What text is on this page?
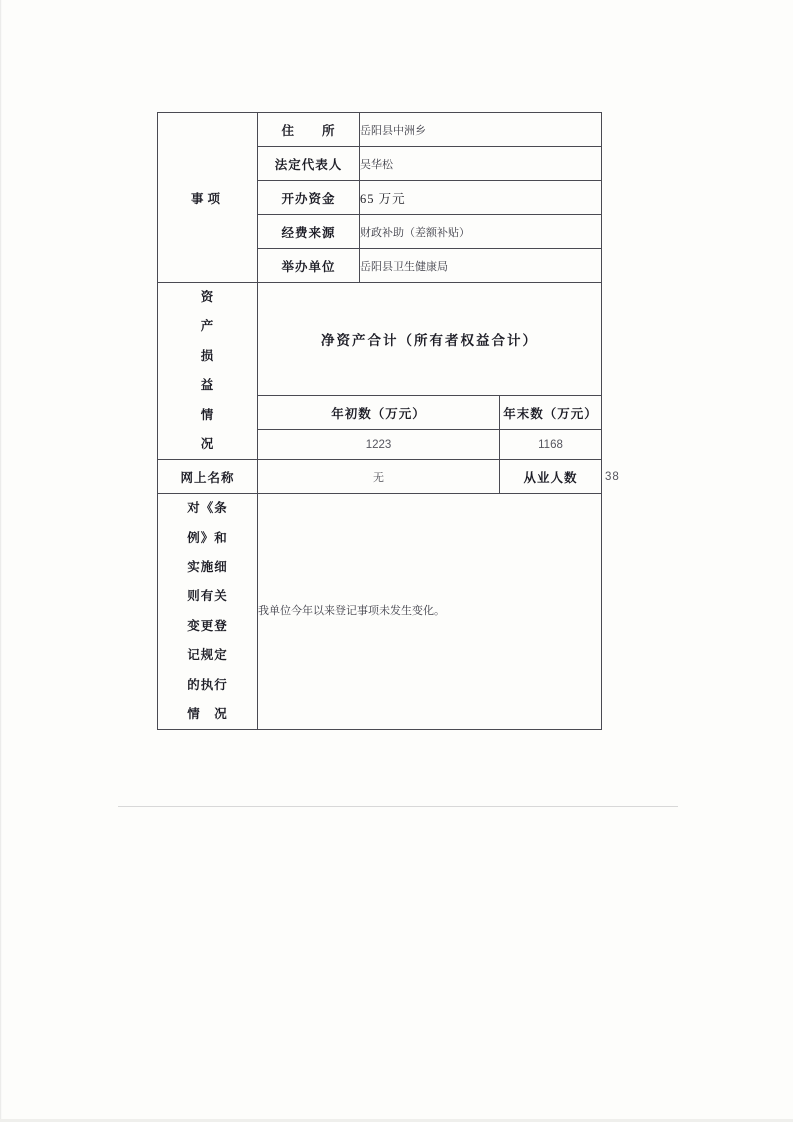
事项	住　　所	岳阳县中洲乡	
	法定代表人	吴华松	
	开办资金	65 万元	
	经费来源	财政补助（差额补贴）	
	举办单位	岳阳县卫生健康局	

资
产
损
益
情
况
	净资产合计（所有者权益合计）
	年初数（万元）		年末数（万元）
	1223		1168
网上名称	无		从业人数 38

对《条
例》和
实施细
则有关
变更登
记规定
的执行
情　况
	我单位今年以来登记事项未发生变化。
